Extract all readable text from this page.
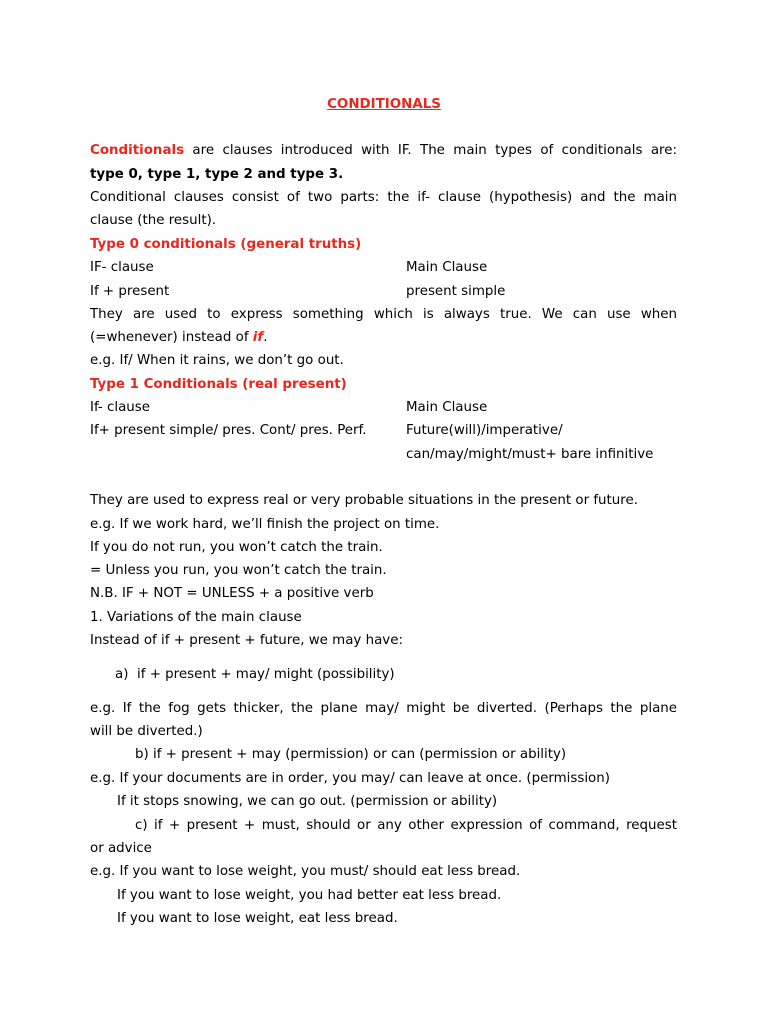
CONDITIONALS
Conditionals are clauses introduced with IF. The main types of conditionals are:
type 0, type 1, type 2 and type 3.
Conditional clauses consist of two parts: the if- clause (hypothesis) and the main
clause (the result).
Type 0 conditionals (general truths)
IF- clause	Main Clause
If + present	present simple
They are used to express something which is always true. We can use when
(=whenever) instead of if.
e.g. If/ When it rains, we don’t go out.
Type 1 Conditionals (real present)
If- clause	Main Clause
If+ present simple/ pres. Cont/ pres. Perf.	Future(will)/imperative/
can/may/might/must+ bare infinitive
They are used to express real or very probable situations in the present or future.
e.g. If we work hard, we’ll finish the project on time.
If you do not run, you won’t catch the train.
= Unless you run, you won’t catch the train.
N.B. IF + NOT = UNLESS + a positive verb
1. Variations of the main clause
Instead of if + present + future, we may have:
a) if + present + may/ might (possibility)
e.g. If the fog gets thicker, the plane may/ might be diverted. (Perhaps the plane
will be diverted.)
b) if + present + may (permission) or can (permission or ability)
e.g. If your documents are in order, you may/ can leave at once. (permission)
If it stops snowing, we can go out. (permission or ability)
c) if + present + must, should or any other expression of command, request
or advice
e.g. If you want to lose weight, you must/ should eat less bread.
If you want to lose weight, you had better eat less bread.
If you want to lose weight, eat less bread.
